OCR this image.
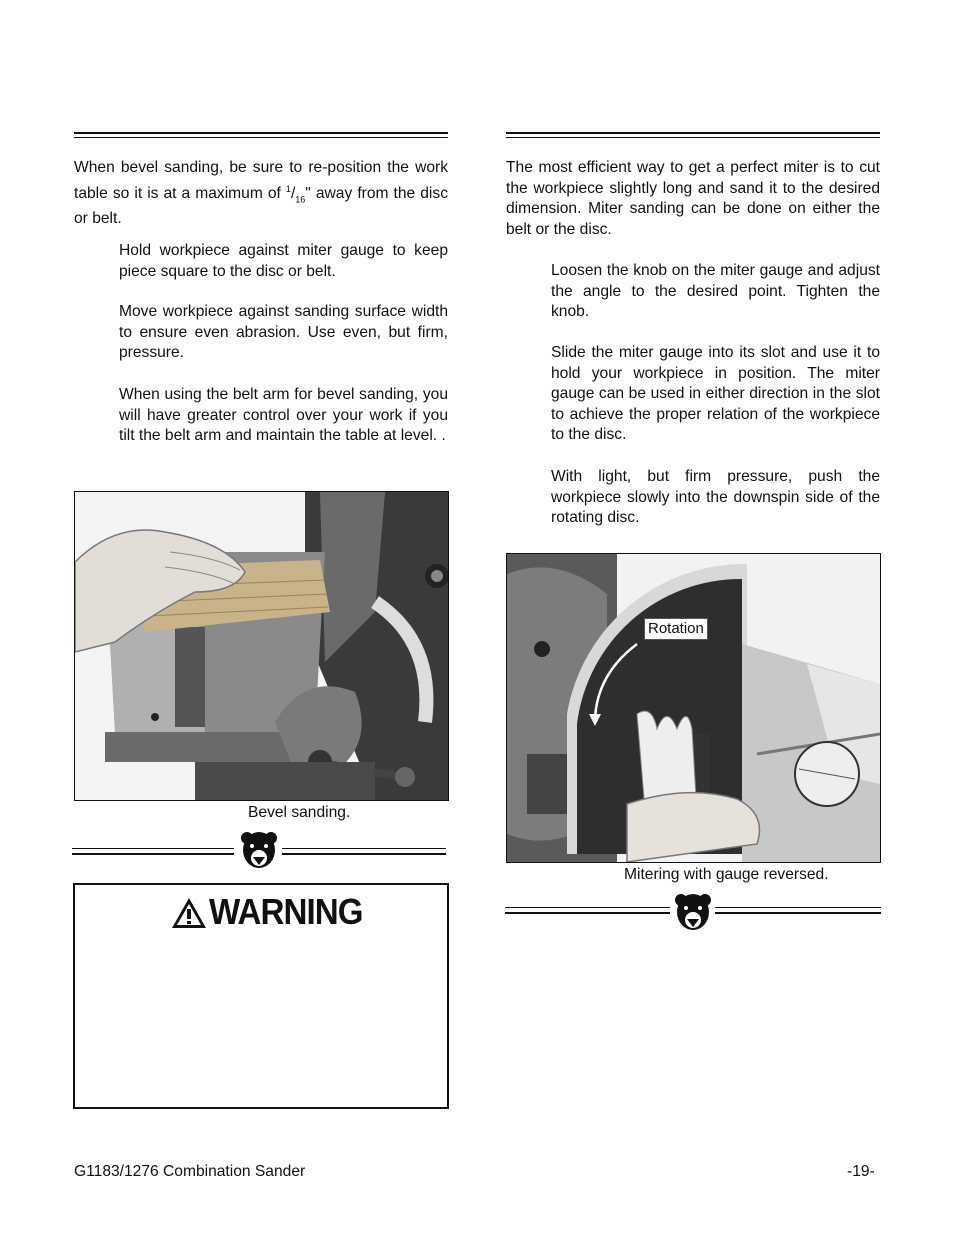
When bevel sanding, be sure to re-position the work table so it is at a maximum of $^1/_{16}$" away from the disc or belt.

Hold workpiece against miter gauge to keep piece square to the disc or belt.

Move workpiece against sanding surface width to ensure even abrasion. Use even, but firm, pressure.

When using the belt arm for bevel sanding, you will have greater control over your work if you tilt the belt arm and maintain the table at level. .

Bevel sanding.
WARNING

The most efficient way to get a perfect miter is to cut the workpiece slightly long and sand it to the desired dimension. Miter sanding can be done on either the belt or the disc.

Loosen the knob on the miter gauge and adjust the angle to the desired point. Tighten the knob.

Slide the miter gauge into its slot and use it to hold your workpiece in position. The miter gauge can be used in either direction in the slot to achieve the proper relation of the workpiece to the disc.

With light, but firm pressure, push the workpiece slowly into the downspin side of the rotating disc.

Rotation
Mitering with gauge reversed.
G1183/1276 Combination Sander	-19-
